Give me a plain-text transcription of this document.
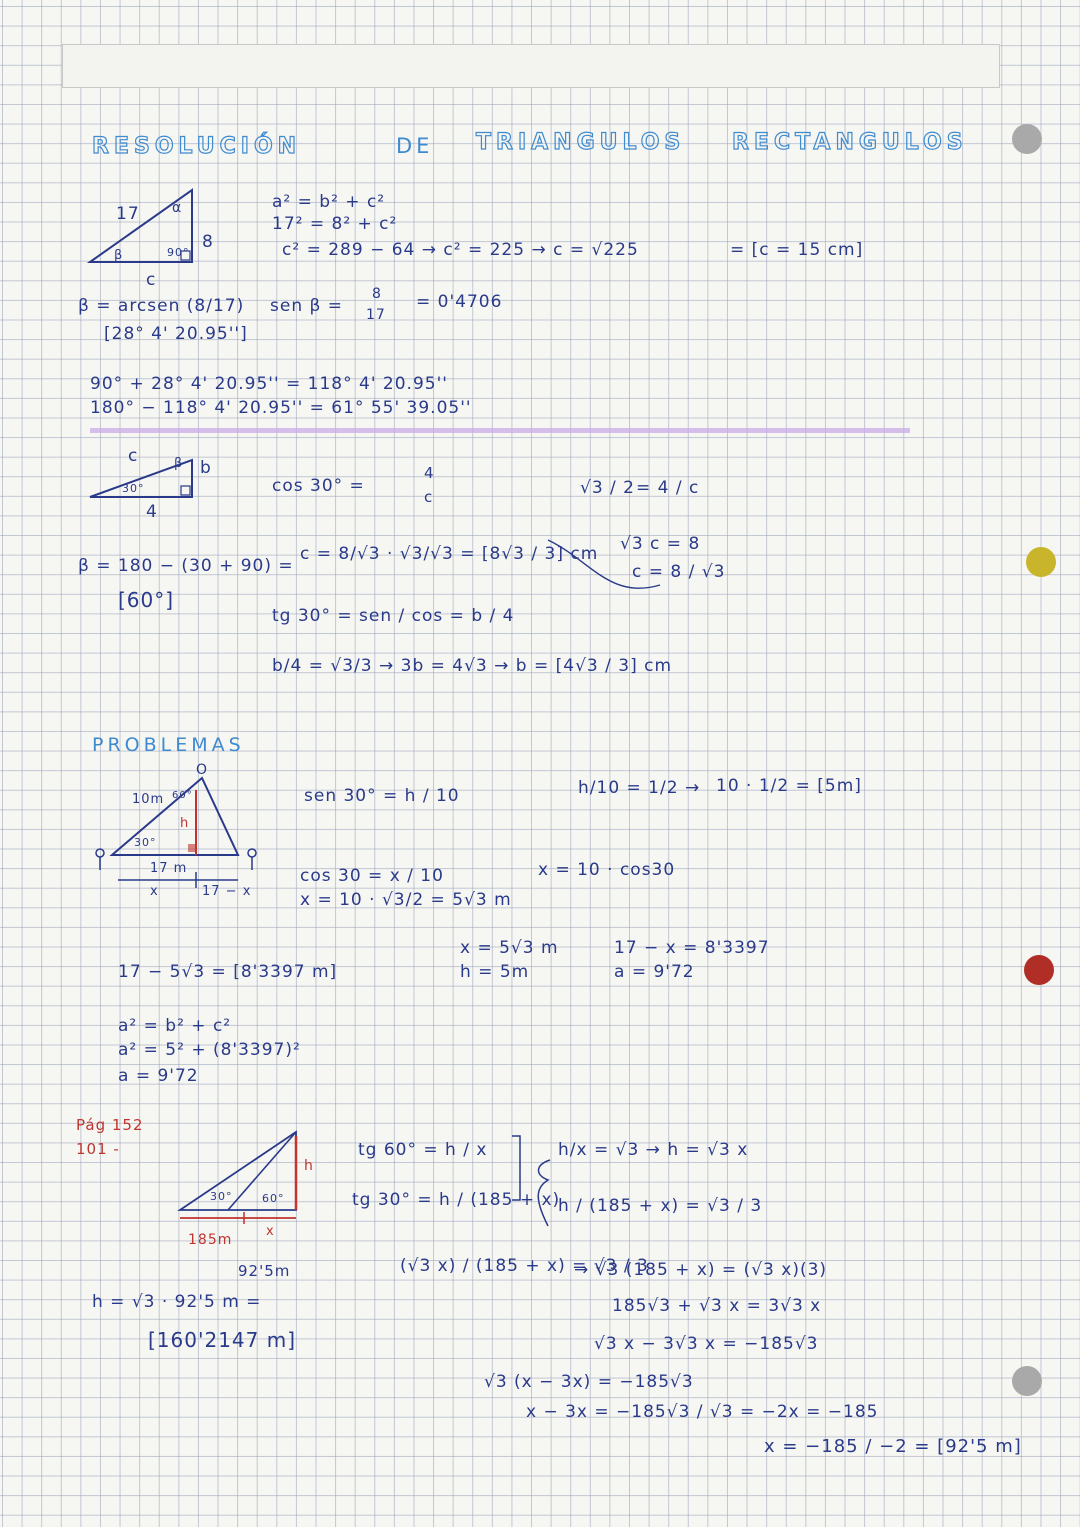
RESOLUCIÓN	DE TRIANGULOS RECTANGULOS
17 α
8
β	90°
c
a² = b² + c²
17² = 8² + c²
c² = 289 − 64 → c² = 225 → c = √225	= [c = 15 cm]
β = arcsen (8/17) sen β =
8
17
= 0'4706
[28° 4' 20.95'']
90° + 28° 4' 20.95'' = 118° 4' 20.95''
180° − 118° 4' 20.95'' = 61° 55' 39.05''
c	β b
30°
4
cos 30° =
4
c	√3 / 2 = 4 / c
√3 c = 8
c = 8 / √3
c = 8/√3 · √3/√3 = [8√3 / 3] cm
β = 180 − (30 + 90) =
[60°]
tg 30° = sen / cos = b / 4
b/4 = √3/3 → 3b = 4√3 → b = [4√3 / 3] cm
PROBLEMAS
O
10m 60°
h
30°
17 m
x	17 − x
sen 30° = h / 10	h/10 = 1/2 → 10 · 1/2 = [5m]
cos 30 = x / 10
x = 10 · √3/2 = 5√3 m
x = 10 · cos30
x = 5√3 m
h = 5m
17 − x = 8'3397
a = 9'72
17 − 5√3 = [8'3397 m]
a² = b² + c²
a² = 5² + (8'3397)²
a = 9'72
Pág 152
101 -
30°	60°
h
185m
x
92'5m
tg 60° = h / x
tg 30° = h / (185 + x)
h/x = √3 → h = √3 x
h / (185 + x) = √3 / 3
(√3 x) / (185 + x) = √3 / 3
→ √3 (185 + x) = (√3 x)(3)
185√3 + √3 x = 3√3 x
√3 x − 3√3 x = −185√3
√3 (x − 3x) = −185√3
x − 3x = −185√3 / √3 = −2x = −185
x = −185 / −2 = [92'5 m]
h = √3 · 92'5 m =
[160'2147 m]
